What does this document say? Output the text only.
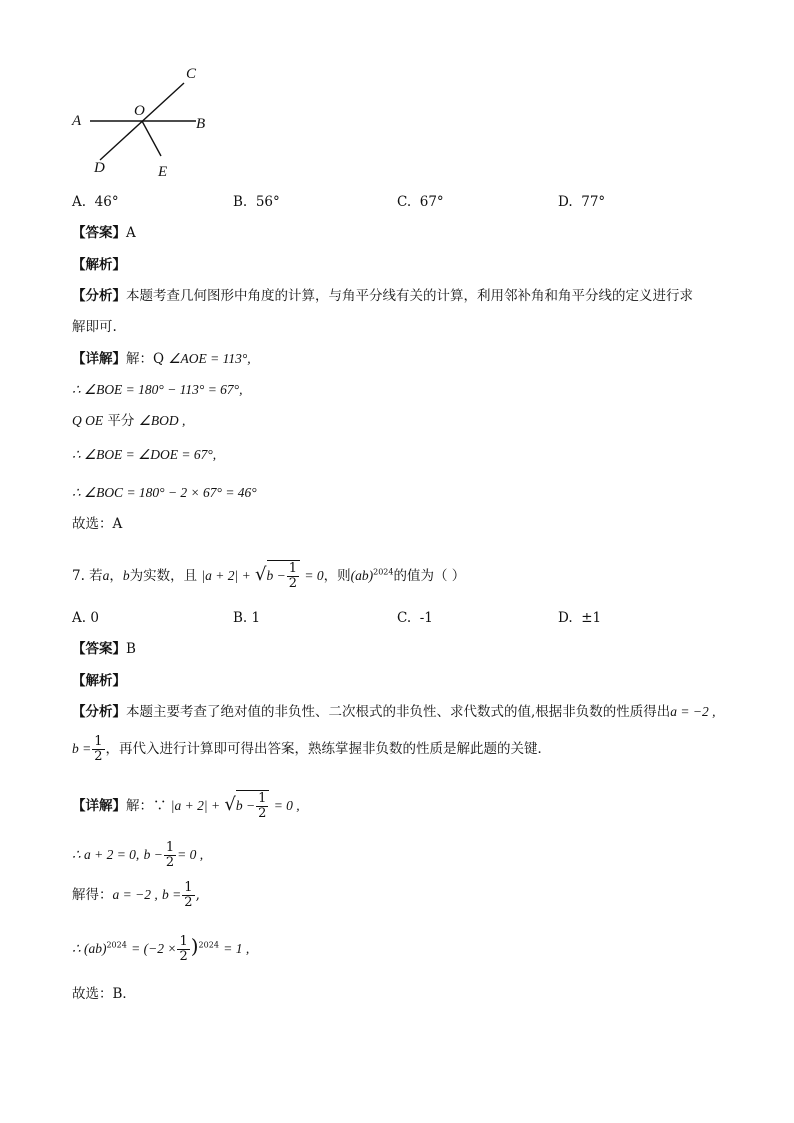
A	B
C
D	E
O
A. 46°	B. 56°	C. 67°	D. 77°
【答案】A
【解析】
【分析】本题考查几何图形中角度的计算，与角平分线有关的计算，利用邻补角和角平分线的定义进行求
解即可.
【详解】解：Q ∠AOE = 113°,
∴ ∠BOE = 180° − 113° = 67°,
Q OE 平分 ∠BOD ,
∴ ∠BOE = ∠DOE = 67°,
∴ ∠BOC = 180° − 2 × 67° = 46°
故选：A
7. 若a，b为实数，且 $|a + 2| + √b - \frac{1}{2} = 0$，则(ab)$^{2024}$的值为（ ）
A. 0	B. 1	C. -1	D. ±1
【答案】B
【解析】
【分析】本题主要考查了绝对值的非负性、二次根式的非负性、求代数式的值,根据非负数的性质得出a = −2 ,
$b = \frac{1}{2}$ ，再代入进行计算即可得出答案，熟练掌握非负数的性质是解此题的关键．
【详解】解：∵ $|a + 2| + √b - \frac{1}{2} = 0$ ,
∴ a + 2 = 0, $b - \frac{1}{2} = 0$ ,
解得：a = −2 , $b = \frac{1}{2}$ ,
∴ $(ab)^{2024} = (-2 \times \frac{1}{2} )^{2024} = 1$ ,
故选：B．
